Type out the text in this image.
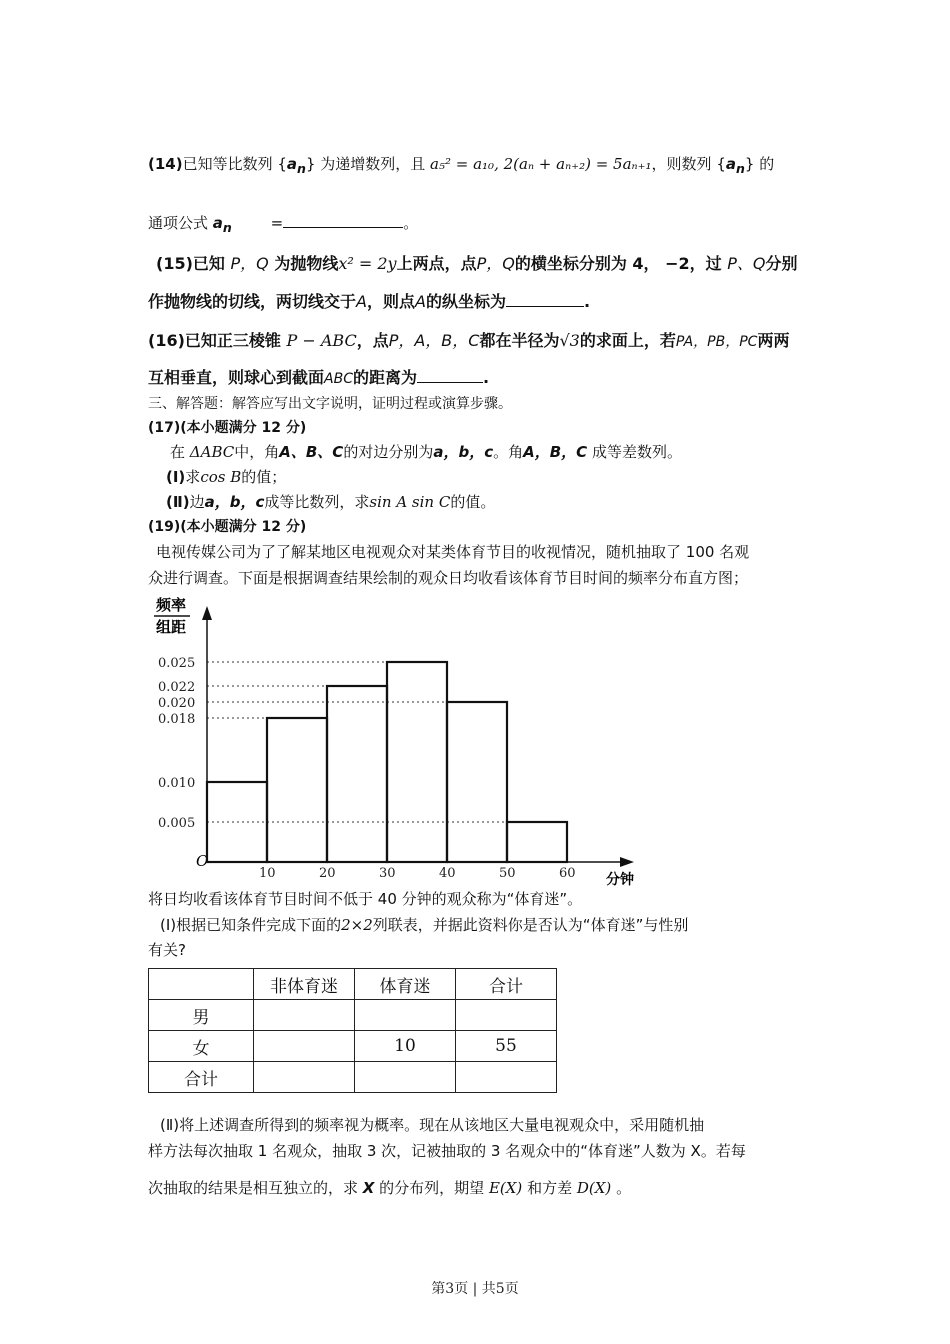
(14)已知等比数列 $\{a_n\}$ 为递增数列，且 a₅² = a₁₀, 2(aₙ + aₙ₊₂) = 5aₙ₊₁，则数列 $\{a_n\}$ 的
通项公式 $a_n$	=	。
(15)已知 P，Q 为抛物线x² = 2y上两点，点P，Q的横坐标分别为 4， −2，过 P、Q分别
作抛物线的切线，两切线交于A，则点A的纵坐标为	.
(16)已知正三棱锥 P − ABC，点P，A，B，C都在半径为√3的求面上，若PA，PB，PC两两
互相垂直，则球心到截面ABC的距离为	.
三、解答题：解答应写出文字说明，证明过程或演算步骤。
(17)(本小题满分 12 分)
在 ΔABC中，角A、B、C的对边分别为a，b，c。角A，B，C 成等差数列。
(Ⅰ)求cos B的值；
(Ⅱ)边a，b，c成等比数列，求sin A sin C的值。
(19)(本小题满分 12 分)
电视传媒公司为了了解某地区电视观众对某类体育节目的收视情况，随机抽取了 100 名观
众进行调查。下面是根据调查结果绘制的观众日均收看该体育节目时间的频率分布直方图；
频率
组距
O
分钟
0.025
0.022
0.020
0.018
0.010
0.005
10	20	30	40	50	60
将日均收看该体育节目时间不低于 40 分钟的观众称为“体育迷”。
(Ⅰ)根据已知条件完成下面的2×2列联表，并据此资料你是否认为“体育迷”与性别
有关?
	非体育迷	体育迷	合计
男			
女		10	55
合计			
(Ⅱ)将上述调查所得到的频率视为概率。现在从该地区大量电视观众中，采用随机抽
样方法每次抽取 1 名观众，抽取 3 次，记被抽取的 3 名观众中的“体育迷”人数为 X。若每
次抽取的结果是相互独立的，求 X 的分布列，期望 E(X) 和方差 D(X) 。
第3页 | 共5页
